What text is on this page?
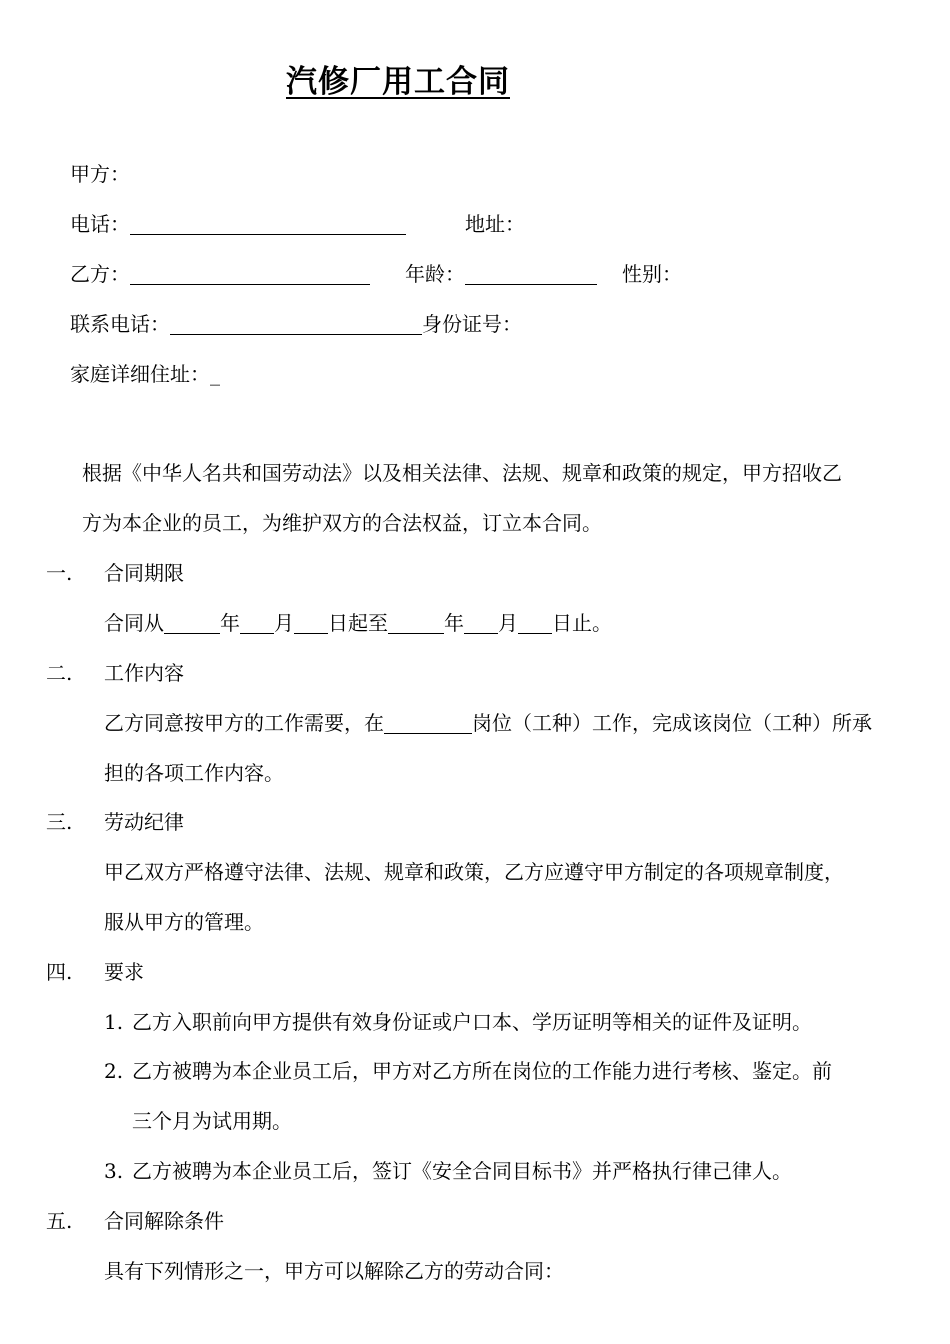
汽修厂用工合同
甲方：
电话：	地址：
乙方：	年龄：	性别：
联系电话：	身份证号：
家庭详细住址：_
根据《中华人名共和国劳动法》以及相关法律、法规、规章和政策的规定，甲方招收乙
方为本企业的员工，为维护双方的合法权益，订立本合同。
一. 合同期限
合同从	年 月 日起至	年 月 日止。
二. 工作内容
乙方同意按甲方的工作需要，在	岗位（工种）工作，完成该岗位（工种）所承
担的各项工作内容。
三. 劳动纪律
甲乙双方严格遵守法律、法规、规章和政策，乙方应遵守甲方制定的各项规章制度，
服从甲方的管理。
四. 要求
1. 乙方入职前向甲方提供有效身份证或户口本、学历证明等相关的证件及证明。
2. 乙方被聘为本企业员工后，甲方对乙方所在岗位的工作能力进行考核、鉴定。前
三个月为试用期。
3. 乙方被聘为本企业员工后，签订《安全合同目标书》并严格执行律己律人。
五. 合同解除条件
具有下列情形之一，甲方可以解除乙方的劳动合同：
